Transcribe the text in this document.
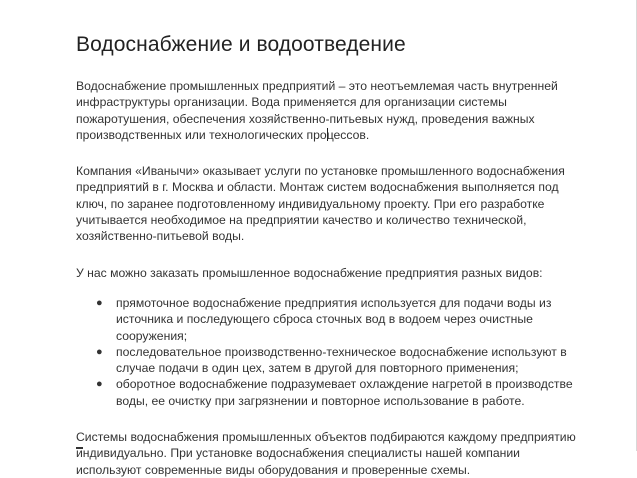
Водоснабжение и водоотведение

Водоснабжение промышленных предприятий – это неотъемлемая часть внутренней инфраструктуры организации. Вода применяется для организации системы пожаротушения, обеспечения хозяйственно-питьевых нужд, проведения важных производственных или технологических процессов.

Компания «Иванычи» оказывает услуги по установке промышленного водоснабжения предприятий в г. Москва и области. Монтаж систем водоснабжения выполняется под ключ, по заранее подготовленному индивидуальному проекту. При его разработке учитывается необходимое на предприятии качество и количество технической, хозяйственно-питьевой воды.

У нас можно заказать промышленное водоснабжение предприятия разных видов:

● прямоточное водоснабжение предприятия используется для подачи воды из источника и последующего сброса сточных вод в водоем через очистные сооружения;
● последовательное производственно-техническое водоснабжение используют в случае подачи в один цех, затем в другой для повторного применения;
● оборотное водоснабжение подразумевает охлаждение нагретой в производстве воды, ее очистку при загрязнении и повторное использование в работе.

Системы водоснабжения промышленных объектов подбираются каждому предприятию индивидуально. При установке водоснабжения специалисты нашей компании используют современные виды оборудования и проверенные схемы.
